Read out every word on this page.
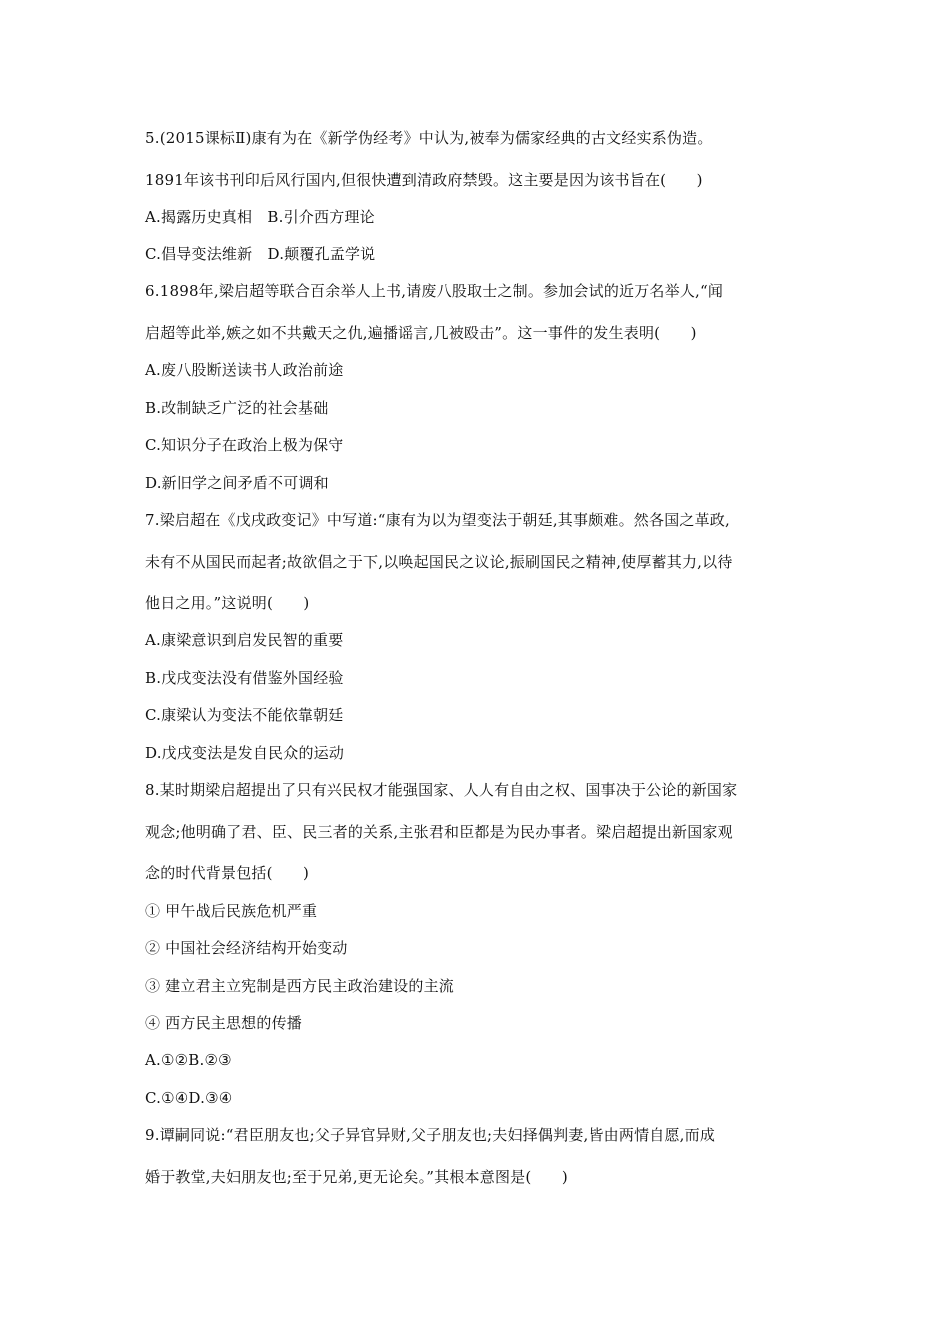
5.(2015课标Ⅱ)康有为在《新学伪经考》中认为,被奉为儒家经典的古文经实系伪造。
1891年该书刊印后风行国内,但很快遭到清政府禁毁。这主要是因为该书旨在(　　)
A.揭露历史真相　B.引介西方理论
C.倡导变法维新　D.颠覆孔孟学说
6.1898年,梁启超等联合百余举人上书,请废八股取士之制。参加会试的近万名举人,“闻
启超等此举,嫉之如不共戴天之仇,遍播谣言,几被殴击”。这一事件的发生表明(　　)
A.废八股断送读书人政治前途
B.改制缺乏广泛的社会基础
C.知识分子在政治上极为保守
D.新旧学之间矛盾不可调和
7.梁启超在《戊戌政变记》中写道:“康有为以为望变法于朝廷,其事颇难。然各国之革政,
未有不从国民而起者;故欲倡之于下,以唤起国民之议论,振刷国民之精神,使厚蓄其力,以待
他日之用。”这说明(　　)
A.康梁意识到启发民智的重要
B.戊戌变法没有借鉴外国经验
C.康梁认为变法不能依靠朝廷
D.戊戌变法是发自民众的运动
8.某时期梁启超提出了只有兴民权才能强国家、人人有自由之权、国事决于公论的新国家
观念;他明确了君、臣、民三者的关系,主张君和臣都是为民办事者。梁启超提出新国家观
念的时代背景包括(　　)
① 甲午战后民族危机严重
② 中国社会经济结构开始变动
③ 建立君主立宪制是西方民主政治建设的主流
④ 西方民主思想的传播
A.①②B.②③
C.①④D.③④
9.谭嗣同说:“君臣朋友也;父子异官异财,父子朋友也;夫妇择偶判妻,皆由两情自愿,而成
婚于教堂,夫妇朋友也;至于兄弟,更无论矣。”其根本意图是(　　)
